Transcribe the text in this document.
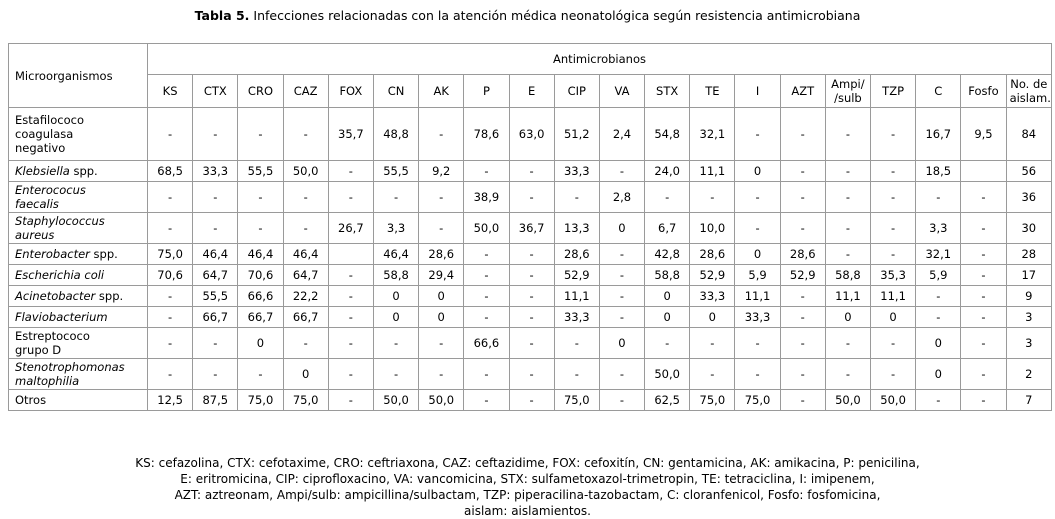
Tabla 5. Infecciones relacionadas con la atención médica neonatológica según resistencia antimicrobiana
Microorganismos	Antimicrobianos																			
	KS	CTX	CRO	CAZ	FOX	CN	AK	P	E	CIP	VA	STX	TE	I	AZT	Ampi/
/sulb	TZP	C	Fosfo	No. de
aislam.
Estafilococo
coagulasa
negativo	-	-	-	-	35,7	48,8	-	78,6	63,0	51,2	2,4	54,8	32,1	-	-	-	-	16,7	9,5	84
Klebsiella spp.	68,5	33,3	55,5	50,0	-	55,5	9,2	-	-	33,3	-	24,0	11,1	0	-	-	-	18,5		56
Enterococus
faecalis	-	-	-	-	-	-	-	38,9	-	-	2,8	-	-	-	-	-	-	-	-	36
Staphylococcus
aureus	-	-	-	-	26,7	3,3	-	50,0	36,7	13,3	0	6,7	10,0	-	-	-	-	3,3	-	30
Enterobacter spp.	75,0	46,4	46,4	46,4		46,4	28,6	-	-	28,6	-	42,8	28,6	0	28,6	-	-	32,1	-	28
Escherichia coli	70,6	64,7	70,6	64,7	-	58,8	29,4	-	-	52,9	-	58,8	52,9	5,9	52,9	58,8	35,3	5,9	-	17
Acinetobacter spp.	-	55,5	66,6	22,2	-	0	0	-	-	11,1	-	0	33,3	11,1	-	11,1	11,1	-	-	9
Flaviobacterium	-	66,7	66,7	66,7	-	0	0	-	-	33,3	-	0	0	33,3	-	0	0	-	-	3
Estreptococo
grupo D	-	-	0	-	-	-	-	66,6	-	-	0	-	-	-	-	-	-	0	-	3
Stenotrophomonas
maltophilia	-	-	-	0	-	-	-	-	-	-	-	50,0	-	-	-	-	-	0	-	2
Otros	12,5	87,5	75,0	75,0	-	50,0	50,0	-	-	75,0	-	62,5	75,0	75,0	-	50,0	50,0	-	-	7
KS: cefazolina, CTX: cefotaxime, CRO: ceftriaxona, CAZ: ceftazidime, FOX: cefoxitín, CN: gentamicina, AK: amikacina, P: penicilina,
E: eritromicina, CIP: ciprofloxacino, VA: vancomicina, STX: sulfametoxazol-trimetropin, TE: tetraciclina, I: imipenem,
AZT: aztreonam, Ampi/sulb: ampicillina/sulbactam, TZP: piperacilina-tazobactam, C: cloranfenicol, Fosfo: fosfomicina,
aislam: aislamientos.
